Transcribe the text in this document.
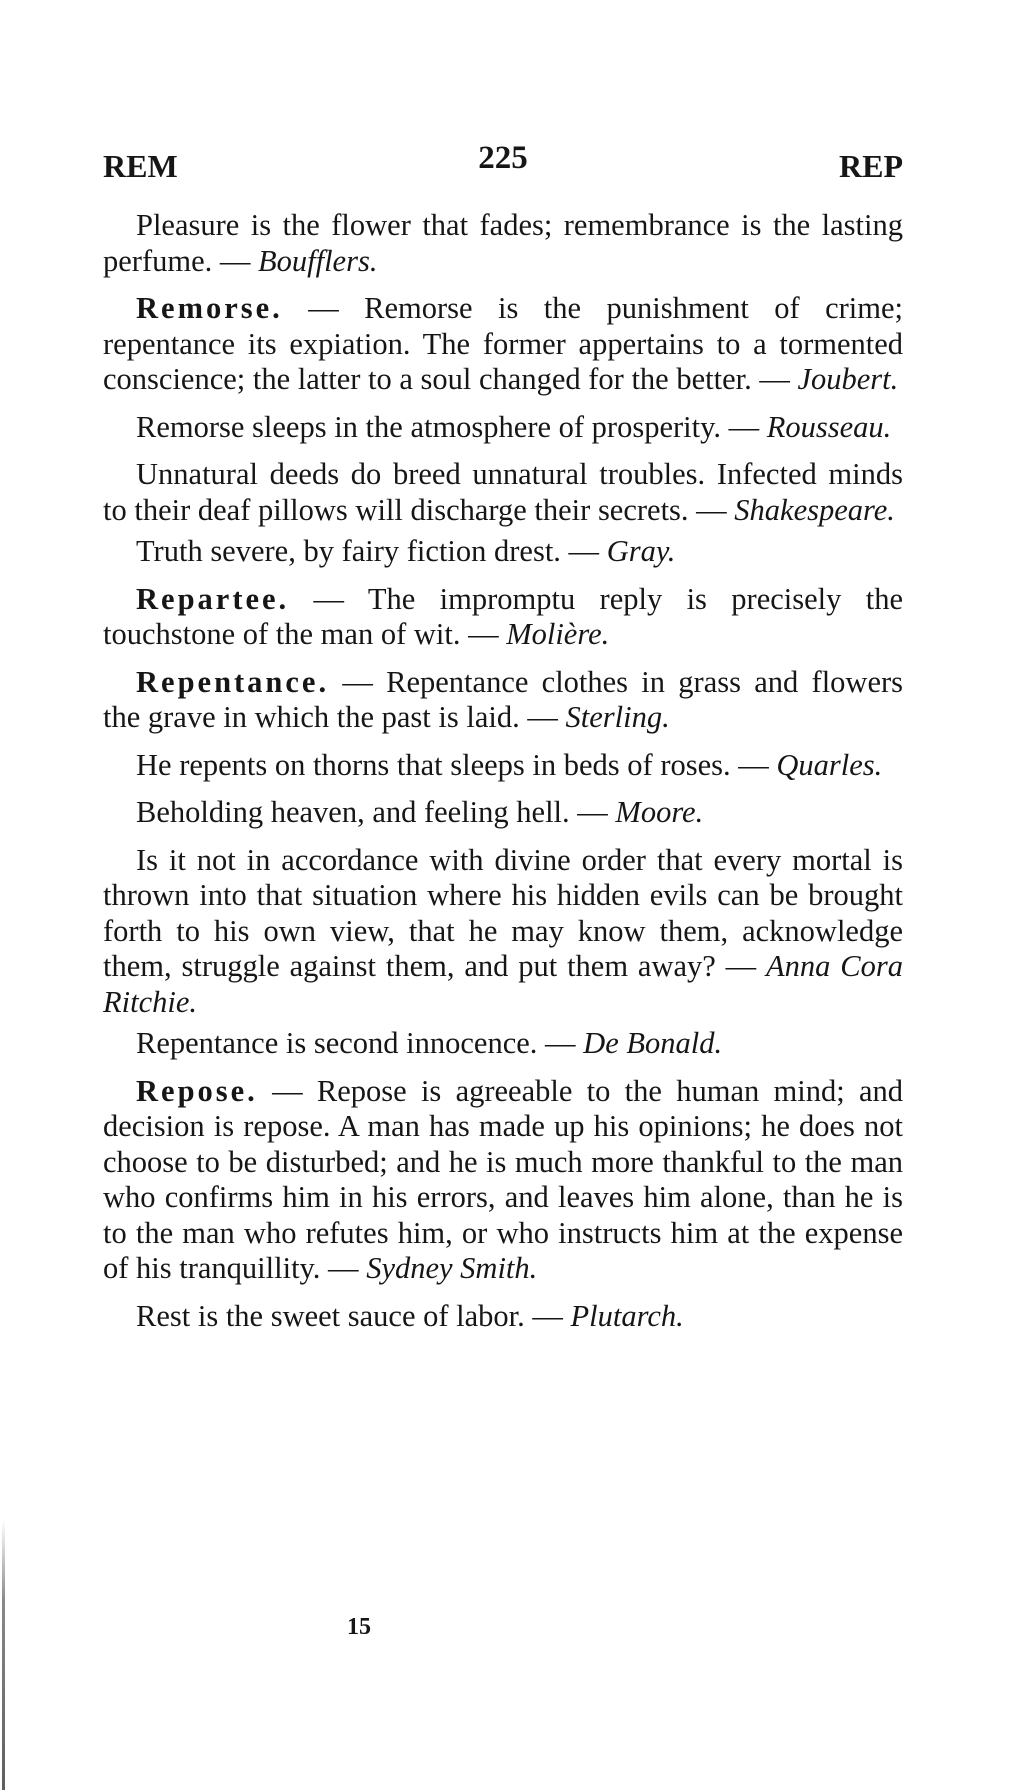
REM	225	REP

Pleasure is the flower that fades; remembrance is the lasting perfume. — Boufflers.

Remorse. — Remorse is the punishment of crime; repentance its expiation. The former appertains to a tormented conscience; the latter to a soul changed for the better. — Joubert.

Remorse sleeps in the atmosphere of prosperity. — Rousseau.

Unnatural deeds do breed unnatural troubles. Infected minds to their deaf pillows will discharge their secrets. — Shakespeare.

Truth severe, by fairy fiction drest. — Gray.

Repartee. — The impromptu reply is precisely the touchstone of the man of wit. — Molière.

Repentance. — Repentance clothes in grass and flowers the grave in which the past is laid. — Sterling.

He repents on thorns that sleeps in beds of roses. — Quarles.

Beholding heaven, and feeling hell. — Moore.

Is it not in accordance with divine order that every mortal is thrown into that situation where his hidden evils can be brought forth to his own view, that he may know them, acknowledge them, struggle against them, and put them away? — Anna Cora Ritchie.

Repentance is second innocence. — De Bonald.

Repose. — Repose is agreeable to the human mind; and decision is repose. A man has made up his opinions; he does not choose to be disturbed; and he is much more thankful to the man who confirms him in his errors, and leaves him alone, than he is to the man who refutes him, or who instructs him at the expense of his tranquillity. — Sydney Smith.

Rest is the sweet sauce of labor. — Plutarch.

15
